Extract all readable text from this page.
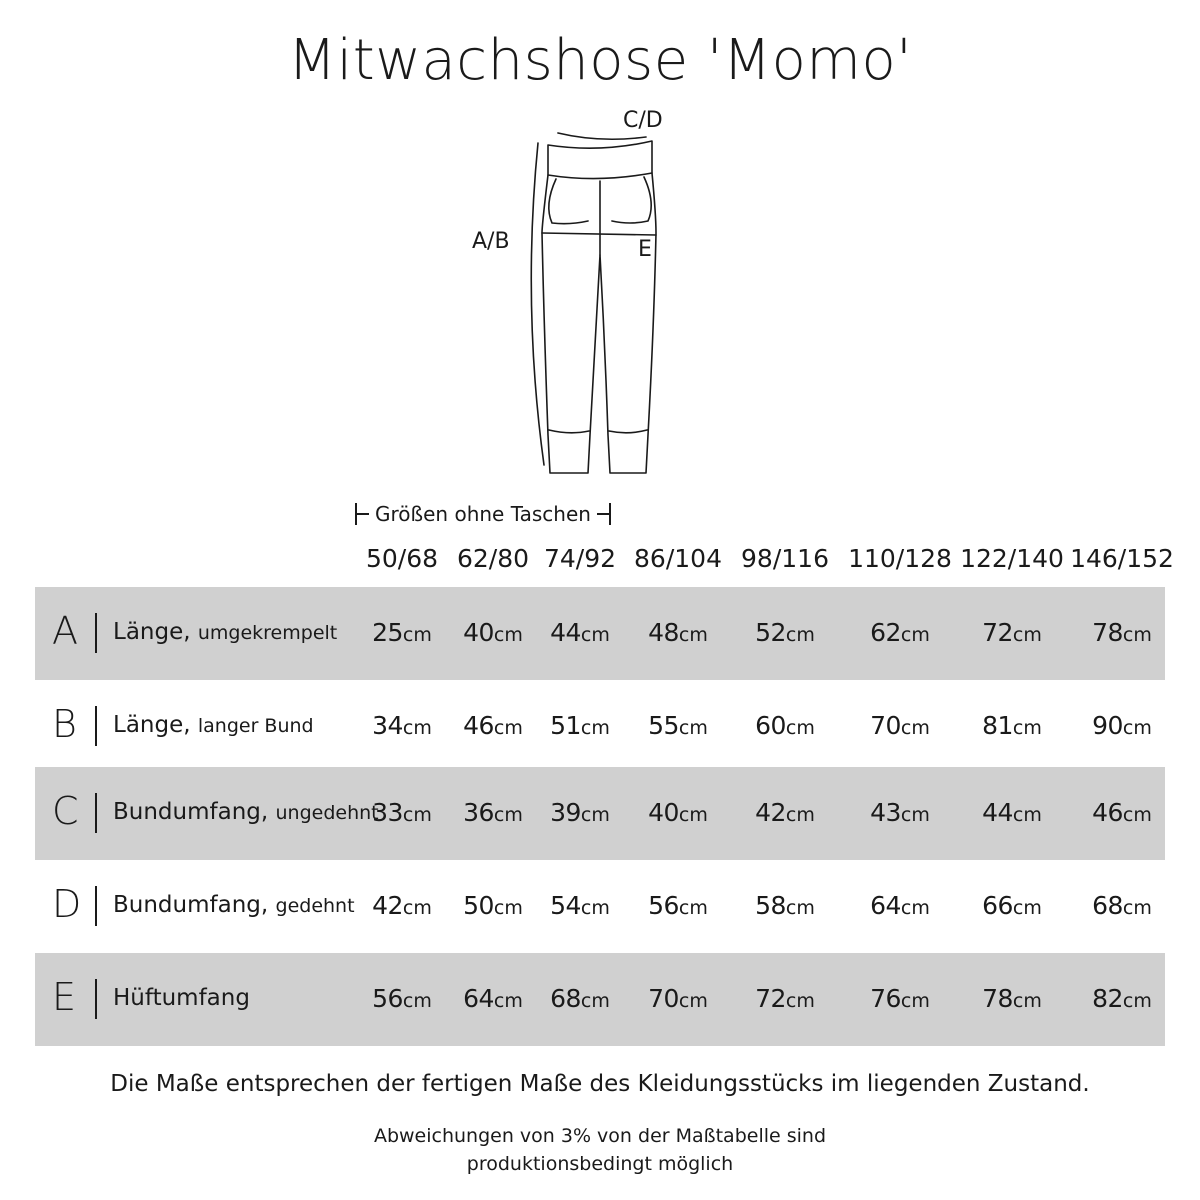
Mitwachshose 'Momo'
C/D
A/B	E
Größen ohne Taschen
50/68 62/80 74/92 86/104 98/116 110/128 122/140 146/152
A Länge, umgekrempelt 25cm 40cm 44cm 48cm 52cm 62cm 72cm 78cm
B Länge, langer Bund 34cm 46cm 51cm 55cm 60cm 70cm 81cm 90cm
C Bundumfang, ungedehnt
33cm 36cm 39cm 40cm 42cm 43cm 44cm 46cm
D Bundumfang, gedehnt 42cm 50cm 54cm 56cm 58cm 64cm 66cm 68cm
E Hüftumfang	56cm 64cm 68cm 70cm 72cm 76cm 78cm 82cm
Die Maße entsprechen der fertigen Maße des Kleidungsstücks im liegenden Zustand.
Abweichungen von 3% von der Maßtabelle sind
produktionsbedingt möglich
